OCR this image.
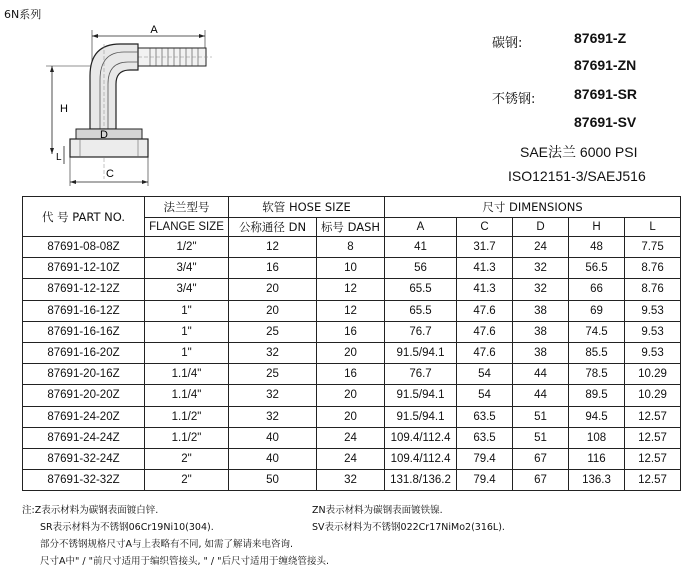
6N系列
A
H
L
D
C
碳钢:	87691-Z
87691-ZN
不锈钢:	87691-SR
87691-SV
SAE法兰 6000 PSI
ISO12151-3/SAEJ516
代 号 PART NO.	法兰型号	软管 HOSE SIZE		尺寸 DIMENSIONS				
	FLANGE SIZE	公称通径 DN	标号 DASH	A	C	D	H	L
87691-08-08Z	1/2"	12	8	41	31.7	24	48	7.75
87691-12-10Z	3/4"	16	10	56	41.3	32	56.5	8.76
87691-12-12Z	3/4"	20	12	65.5	41.3	32	66	8.76
87691-16-12Z	1"	20	12	65.5	47.6	38	69	9.53
87691-16-16Z	1"	25	16	76.7	47.6	38	74.5	9.53
87691-16-20Z	1"	32	20	91.5/94.1	47.6	38	85.5	9.53
87691-20-16Z	1.1/4"	25	16	76.7	54	44	78.5	10.29
87691-20-20Z	1.1/4"	32	20	91.5/94.1	54	44	89.5	10.29
87691-24-20Z	1.1/2"	32	20	91.5/94.1	63.5	51	94.5	12.57
87691-24-24Z	1.1/2"	40	24	109.4/112.4	63.5	51	108	12.57
87691-32-24Z	2"	40	24	109.4/112.4	79.4	67	116	12.57
87691-32-32Z	2"	50	32	131.8/136.2	79.4	67	136.3	12.57
注:Z表示材料为碳钢表面镀白锌.	ZN表示材料为碳钢表面镀铁镍.
SR表示材料为不锈钢06Cr19Ni10(304).	SV表示材料为不锈钢022Cr17NiMo2(316L).
部分不锈钢规格尺寸A与上表略有不同, 如需了解请来电咨询.
尺寸A中" / "前尺寸适用于编织管接头, " / "后尺寸适用于缠绕管接头.
